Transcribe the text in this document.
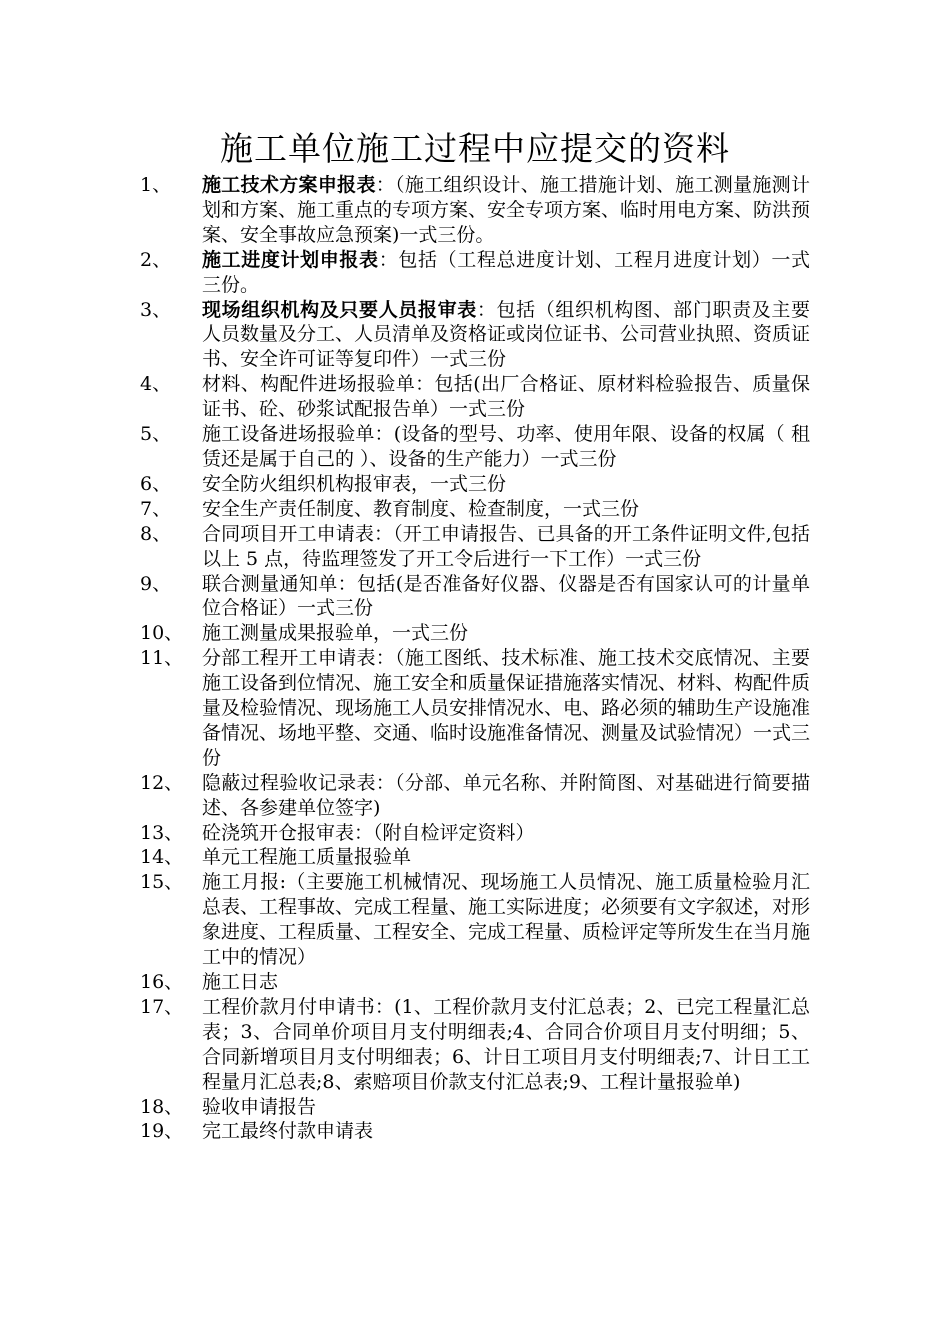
施工单位施工过程中应提交的资料
1、	施工技术方案申报表：（施工组织设计、施工措施计划、施工测量施测计划和方案、施工重点的专项方案、安全专项方案、临时用电方案、防洪预案、安全事故应急预案)一式三份。
2、	施工进度计划申报表：包括（工程总进度计划、工程月进度计划）一式三份。
3、	现场组织机构及只要人员报审表：包括（组织机构图、部门职责及主要人员数量及分工、人员清单及资格证或岗位证书、公司营业执照、资质证书、安全许可证等复印件）一式三份
4、	材料、构配件进场报验单：包括(出厂合格证、原材料检验报告、质量保证书、砼、砂浆试配报告单）一式三份
5、	施工设备进场报验单：(设备的型号、功率、使用年限、设备的权属（ 租赁还是属于自己的 ）、设备的生产能力）一式三份
6、	安全防火组织机构报审表，一式三份
7、	安全生产责任制度、教育制度、检查制度，一式三份
8、	合同项目开工申请表：（开工申请报告、已具备的开工条件证明文件,包括以上 5 点，待监理签发了开工令后进行一下工作）一式三份
9、	联合测量通知单：包括(是否准备好仪器、仪器是否有国家认可的计量单位合格证）一式三份
10、 施工测量成果报验单，一式三份
11、 分部工程开工申请表：（施工图纸、技术标准、施工技术交底情况、主要施工设备到位情况、施工安全和质量保证措施落实情况、材料、构配件质量及检验情况、现场施工人员安排情况水、电、路必须的辅助生产设施准备情况、场地平整、交通、临时设施准备情况、测量及试验情况）一式三份
12、 隐蔽过程验收记录表：（分部、单元名称、并附简图、对基础进行简要描述、各参建单位签字)
13、 砼浇筑开仓报审表：（附自检评定资料）
14、 单元工程施工质量报验单
15、 施工月报:（主要施工机械情况、现场施工人员情况、施工质量检验月汇总表、工程事故、完成工程量、施工实际进度；必须要有文字叙述，对形象进度、工程质量、工程安全、完成工程量、质检评定等所发生在当月施工中的情况）
16、 施工日志
17、 工程价款月付申请书：(1、工程价款月支付汇总表；2、已完工程量汇总表；3、合同单价项目月支付明细表;4、合同合价项目月支付明细；5、合同新增项目月支付明细表；6、计日工项目月支付明细表;7、计日工工程量月汇总表;8、索赔项目价款支付汇总表;9、工程计量报验单)
18、 验收申请报告
19、 完工最终付款申请表
